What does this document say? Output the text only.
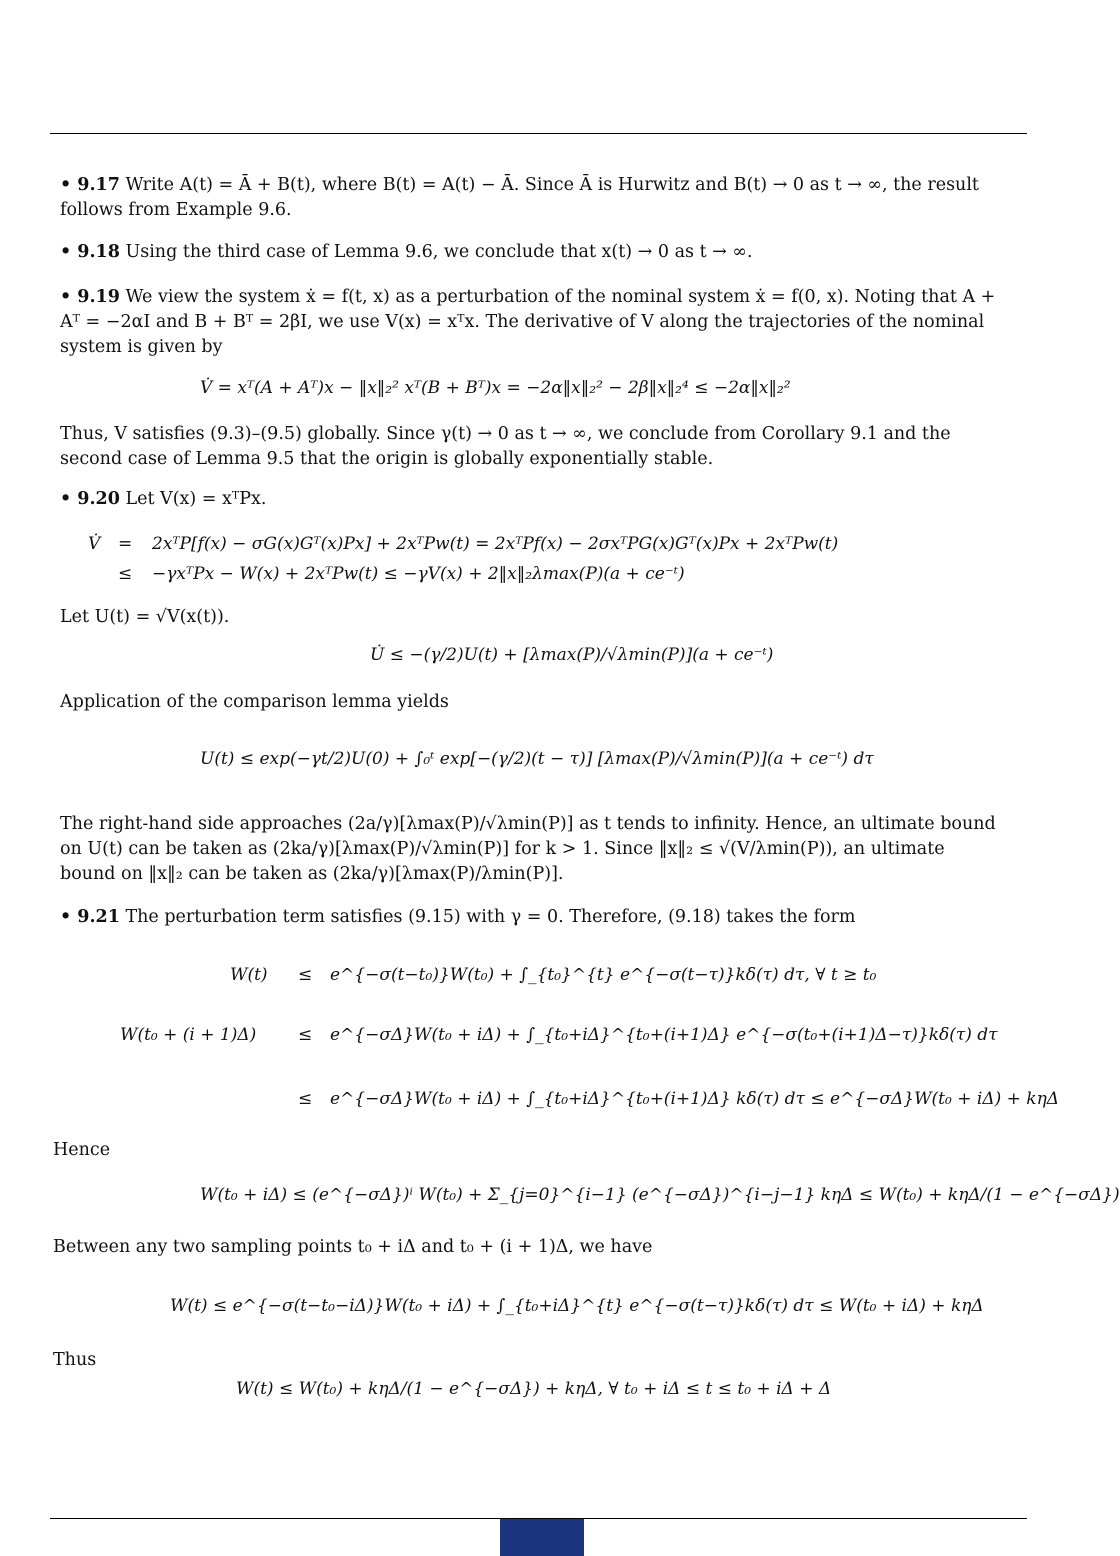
• 9.17 Write A(t) = Ā + B(t), where B(t) = A(t) − Ā. Since Ā is Hurwitz and B(t) → 0 as t → ∞, the result follows from Example 9.6.
• 9.18 Using the third case of Lemma 9.6, we conclude that x(t) → 0 as t → ∞.
• 9.19 We view the system ẋ = f(t, x) as a perturbation of the nominal system ẋ = f(0, x). Noting that A + Aᵀ = −2αI and B + Bᵀ = 2βI, we use V(x) = xᵀx. The derivative of V along the trajectories of the nominal system is given by
V̇ = xᵀ(A + Aᵀ)x − ‖x‖₂² xᵀ(B + Bᵀ)x = −2α‖x‖₂² − 2β‖x‖₂⁴ ≤ −2α‖x‖₂²
Thus, V satisfies (9.3)–(9.5) globally. Since γ(t) → 0 as t → ∞, we conclude from Corollary 9.1 and the second case of Lemma 9.5 that the origin is globally exponentially stable.
• 9.20 Let V(x) = xᵀPx.
V̇ = 2xᵀP[f(x) − σG(x)Gᵀ(x)Px] + 2xᵀPw(t) = 2xᵀPf(x) − 2σxᵀPG(x)Gᵀ(x)Px + 2xᵀPw(t)
≤ −γxᵀPx − W(x) + 2xᵀPw(t) ≤ −γV(x) + 2‖x‖₂λmax(P)(a + ce⁻ᵗ)
Let U(t) = √V(x(t)).
U̇ ≤ −(γ/2)U(t) + [λmax(P)/√λmin(P)](a + ce⁻ᵗ)
Application of the comparison lemma yields
U(t) ≤ exp(−γt/2)U(0) + ∫₀ᵗ exp[−(γ/2)(t − τ)] [λmax(P)/√λmin(P)](a + ce⁻ᵗ) dτ
The right-hand side approaches (2a/γ)[λmax(P)/√λmin(P)] as t tends to infinity. Hence, an ultimate bound on U(t) can be taken as (2ka/γ)[λmax(P)/√λmin(P)] for k > 1. Since ‖x‖₂ ≤ √(V/λmin(P)), an ultimate bound on ‖x‖₂ can be taken as (2ka/γ)[λmax(P)/λmin(P)].
• 9.21 The perturbation term satisfies (9.15) with γ = 0. Therefore, (9.18) takes the form
W(t) ≤ e^{−σ(t−t₀)}W(t₀) + ∫_{t₀}^{t} e^{−σ(t−τ)}kδ(τ) dτ, ∀ t ≥ t₀
W(t₀ + (i + 1)Δ) ≤ e^{−σΔ}W(t₀ + iΔ) + ∫_{t₀+iΔ}^{t₀+(i+1)Δ} e^{−σ(t₀+(i+1)Δ−τ)}kδ(τ) dτ
≤ e^{−σΔ}W(t₀ + iΔ) + ∫_{t₀+iΔ}^{t₀+(i+1)Δ} kδ(τ) dτ ≤ e^{−σΔ}W(t₀ + iΔ) + kηΔ
Hence
W(t₀ + iΔ) ≤ (e^{−σΔ})ⁱ W(t₀) + Σ_{j=0}^{i−1} (e^{−σΔ})^{i−j−1} kηΔ ≤ W(t₀) + kηΔ/(1 − e^{−σΔ})
Between any two sampling points t₀ + iΔ and t₀ + (i + 1)Δ, we have
W(t) ≤ e^{−σ(t−t₀−iΔ)}W(t₀ + iΔ) + ∫_{t₀+iΔ}^{t} e^{−σ(t−τ)}kδ(τ) dτ ≤ W(t₀ + iΔ) + kηΔ
Thus
W(t) ≤ W(t₀) + kηΔ/(1 − e^{−σΔ}) + kηΔ, ∀ t₀ + iΔ ≤ t ≤ t₀ + iΔ + Δ
